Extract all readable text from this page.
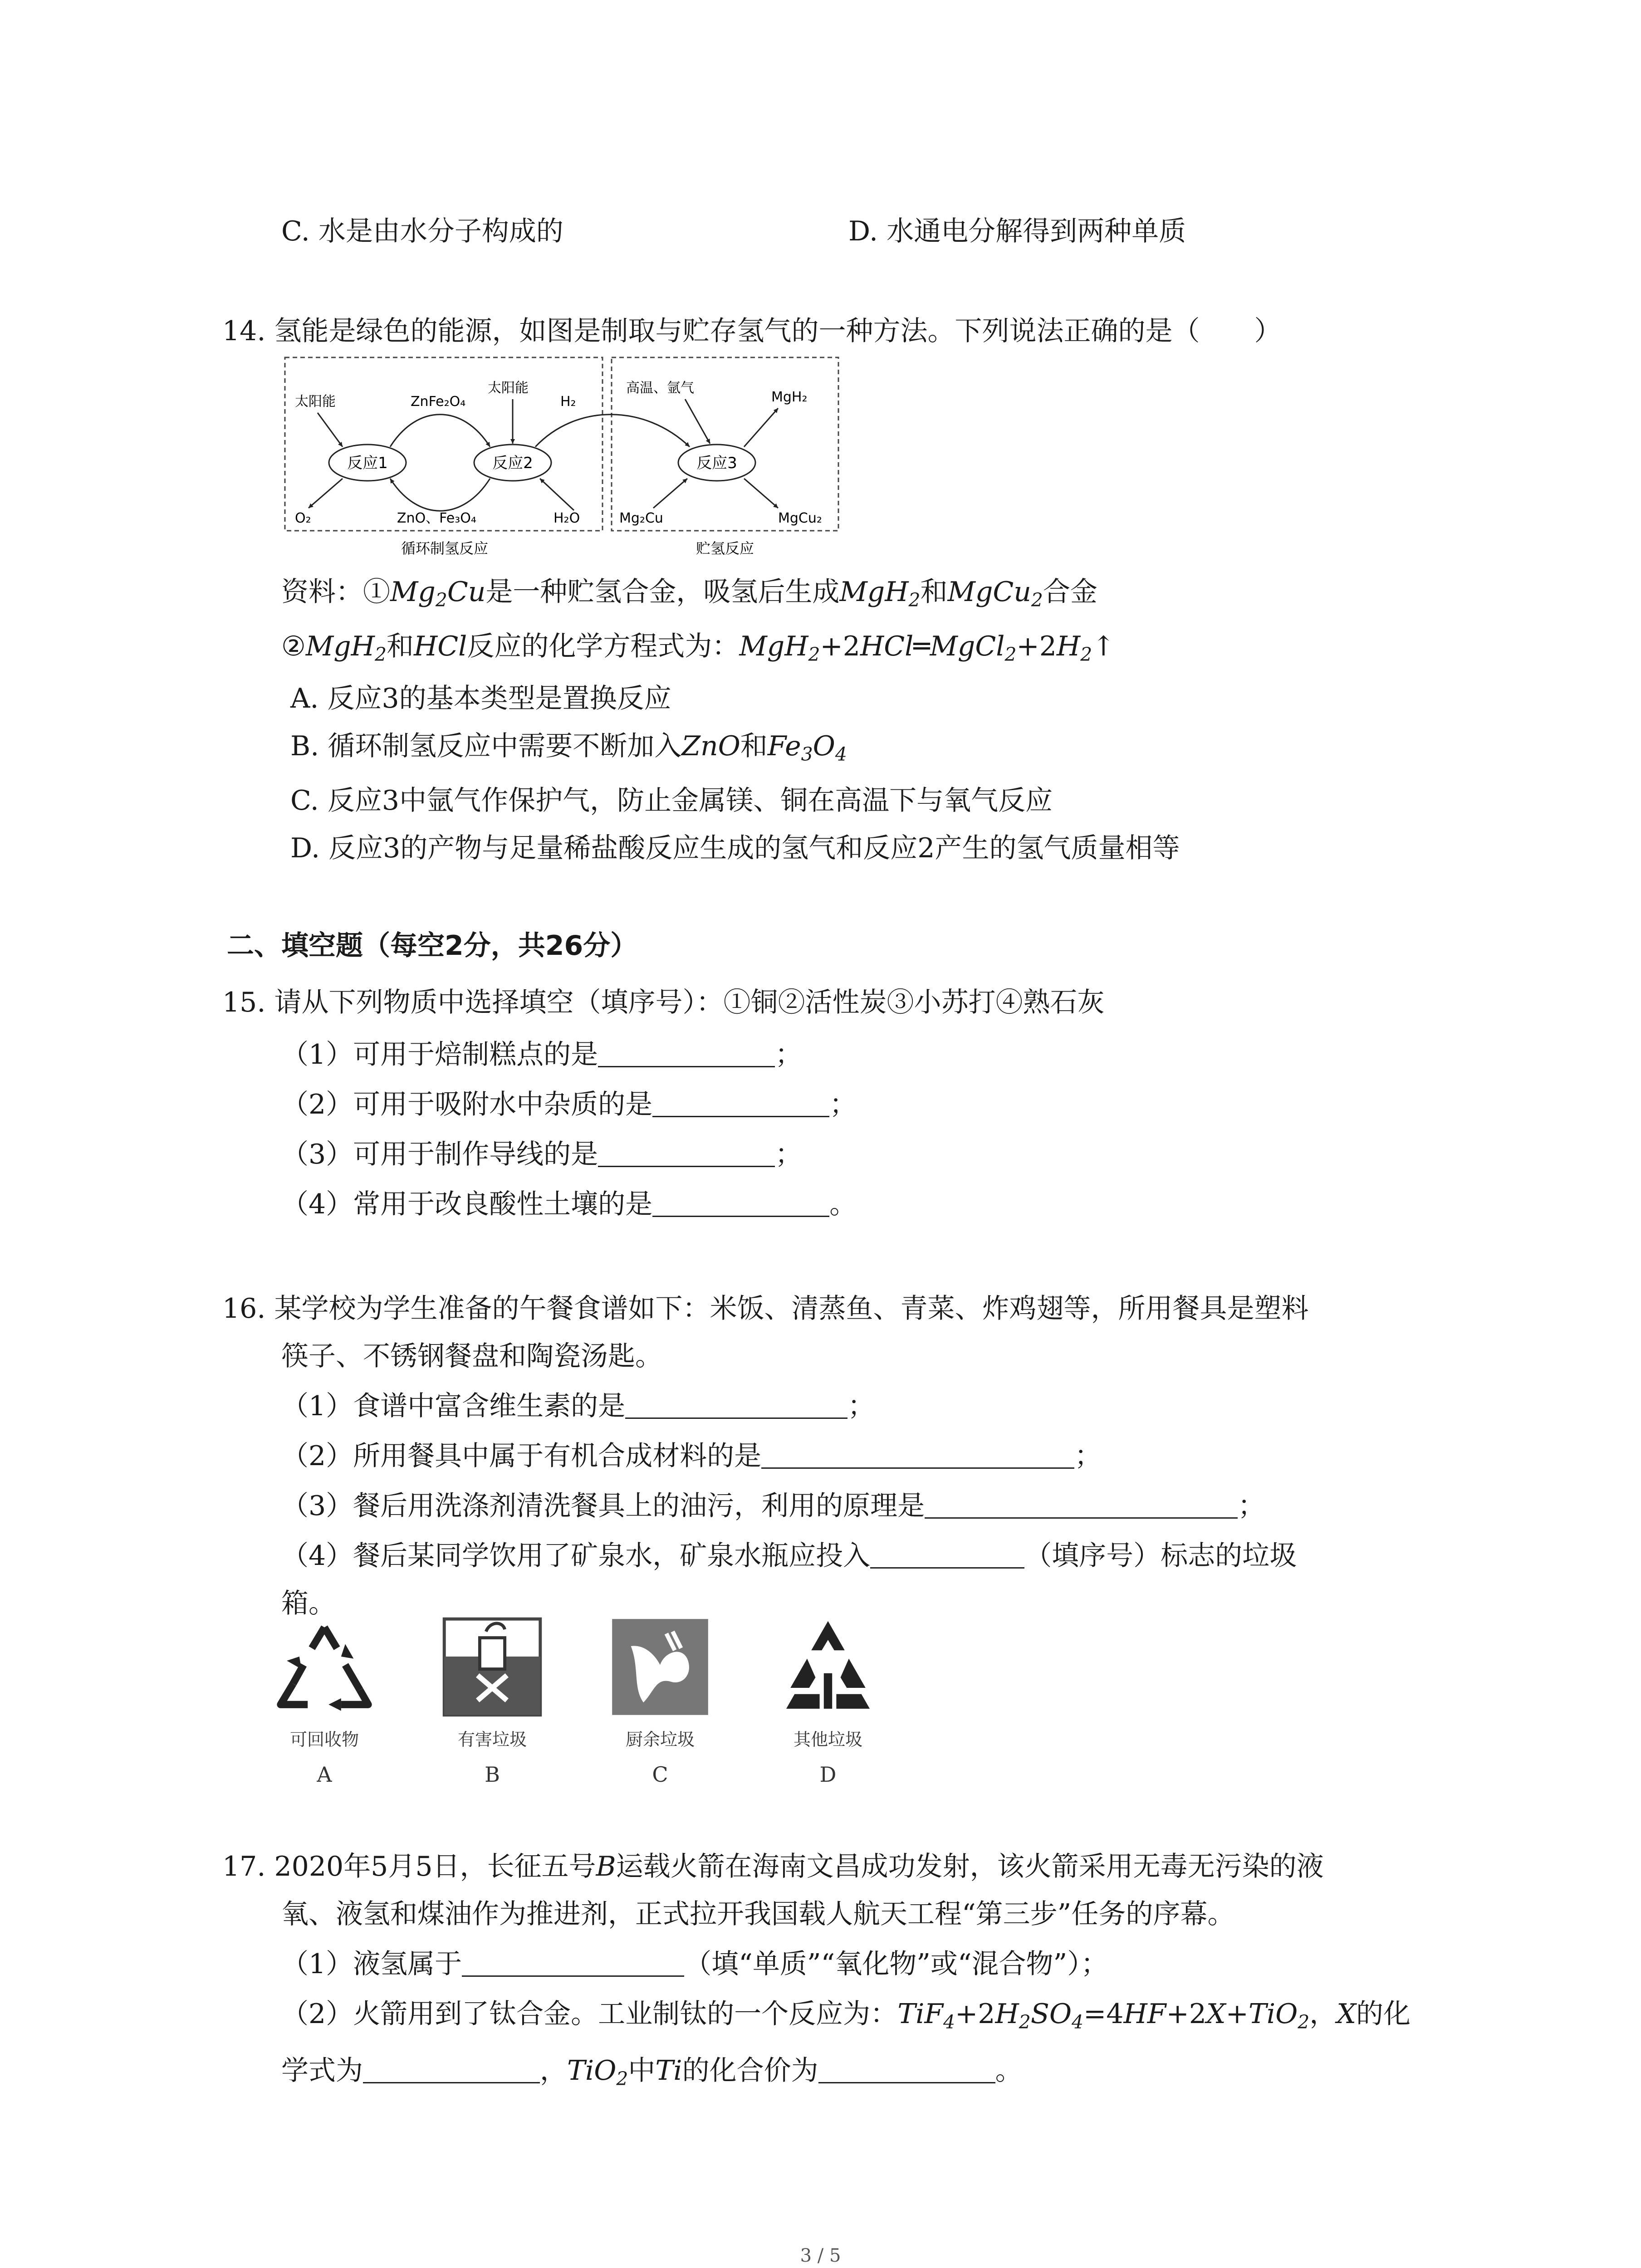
C. 水是由水分子构成的	D. 水通电分解得到两种单质
14. 氢能是绿色的能源，如图是制取与贮存氢气的一种方法。下列说法正确的是（　　）
反应1	反应2	反应3
太阳能	ZnFe₂O₄
太阳能
H₂
高温、氩气
MgH₂
O₂	ZnO、Fe₃O₄	H₂O	Mg₂Cu	MgCu₂
循环制氢反应	贮氢反应
资料：$①Mg_2Cu$是一种贮氢合金，吸氢后生成MgH$_2$和MgCu$_2$合金
②MgH$_2$和HCl反应的化学方程式为：$MgH_2+2HCl═MgCl_2+2H_2↑$
A. 反应3的基本类型是置换反应
B. 循环制氢反应中需要不断加入ZnO和$Fe_3O_4$
C. 反应3中氩气作保护气，防止金属镁、铜在高温下与氧气反应
D. 反应3的产物与足量稀盐酸反应生成的氢气和反应2产生的氢气质量相等
二、填空题（每空2分，共26分）
15. 请从下列物质中选择填空（填序号）：①铜②活性炭③小苏打④熟石灰
（1）可用于焙制糕点的是	；
（2）可用于吸附水中杂质的是	；
（3）可用于制作导线的是	；
（4）常用于改良酸性土壤的是	。
16. 某学校为学生准备的午餐食谱如下：米饭、清蒸鱼、青菜、炸鸡翅等，所用餐具是塑料
筷子、不锈钢餐盘和陶瓷汤匙。
（1）食谱中富含维生素的是	；
（2）所用餐具中属于有机合成材料的是	；
（3）餐后用洗涤剂清洗餐具上的油污，利用的原理是	；
（4）餐后某同学饮用了矿泉水，矿泉水瓶应投入	（填序号）标志的垃圾
箱。
可回收物
A
有害垃圾
B
厨余垃圾
C
其他垃圾
D
17. 2020年5月5日，长征五号B运载火箭在海南文昌成功发射，该火箭采用无毒无污染的液
氧、液氢和煤油作为推进剂，正式拉开我国载人航天工程“第三步”任务的序幕。
（1）液氢属于	（填“单质”“氧化物”或“混合物”）；
（2）火箭用到了钛合金。工业制钛的一个反应为：$TiF_4+2H_2SO_4=4HF+2X+TiO_2$，X的化
学式为	，TiO$_2$中Ti的化合价为	。
3 / 5
